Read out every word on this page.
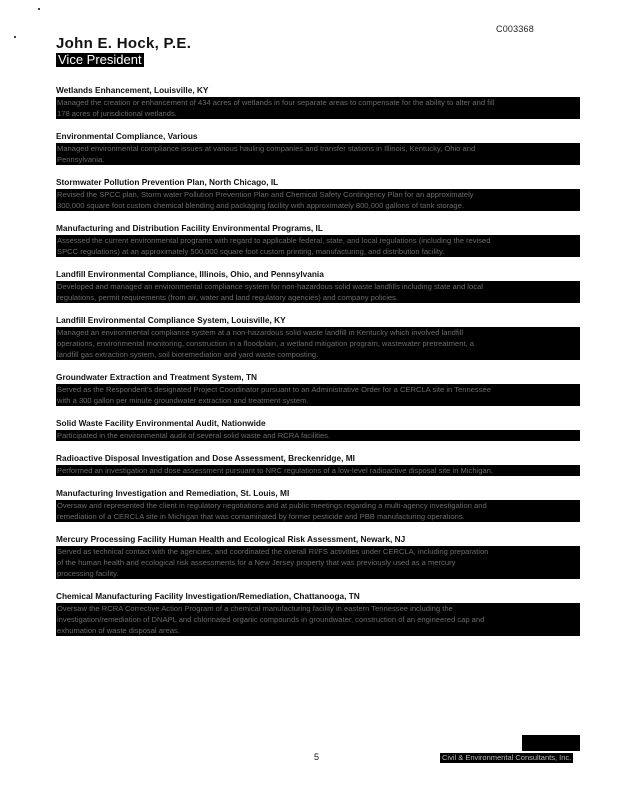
C003368
John E. Hock, P.E.
Vice President
Wetlands Enhancement, Louisville, KY
Managed the creation or enhancement of 434 acres of wetlands in four separate areas to compensate for the ability to alter and fill
178 acres of jurisdictional wetlands.
Environmental Compliance, Various
Managed environmental compliance issues at various hauling companies and transfer stations in Illinois, Kentucky, Ohio and
Pennsylvania.
Stormwater Pollution Prevention Plan, North Chicago, IL
Revised the SPCC plan, Storm water Pollution Prevention Plan and Chemical Safety Contingency Plan for an approximately
300,000 square foot custom chemical blending and packaging facility with approximately 800,000 gallons of tank storage.
Manufacturing and Distribution Facility Environmental Programs, IL
Assessed the current environmental programs with regard to applicable federal, state, and local regulations (including the revised
SPCC regulations) at an approximately 500,000 square foot custom printing, manufacturing, and distribution facility.
Landfill Environmental Compliance, Illinois, Ohio, and Pennsylvania
Developed and managed an environmental compliance system for non-hazardous solid waste landfills including state and local
regulations, permit requirements (from air, water and land regulatory agencies) and company policies.
Landfill Environmental Compliance System, Louisville, KY
Managed an environmental compliance system at a non-hazardous solid waste landfill in Kentucky which involved landfill
operations, environmental monitoring, construction in a floodplain, a wetland mitigation program, wastewater pretreatment, a
landfill gas extraction system, soil bioremediation and yard waste composting.
Groundwater Extraction and Treatment System, TN
Served as the Respondent's designated Project Coordinator pursuant to an Administrative Order for a CERCLA site in Tennessee
with a 300 gallon per minute groundwater extraction and treatment system.
Solid Waste Facility Environmental Audit, Nationwide
Participated in the environmental audit of several solid waste and RCRA facilities.
Radioactive Disposal Investigation and Dose Assessment, Breckenridge, MI
Performed an investigation and dose assessment pursuant to NRC regulations of a low-level radioactive disposal site in Michigan.
Manufacturing Investigation and Remediation, St. Louis, MI
Oversaw and represented the client in regulatory negotiations and at public meetings regarding a multi-agency investigation and
remediation of a CERCLA site in Michigan that was contaminated by former pesticide and PBB manufacturing operations.
Mercury Processing Facility Human Health and Ecological Risk Assessment, Newark, NJ
Served as technical contact with the agencies, and coordinated the overall RI/FS activities under CERCLA, including preparation
of the human health and ecological risk assessments for a New Jersey property that was previously used as a mercury
processing facility.
Chemical Manufacturing Facility Investigation/Remediation, Chattanooga, TN
Oversaw the RCRA Corrective Action Program of a chemical manufacturing facility in eastern Tennessee including the
investigation/remediation of DNAPL and chlorinated organic compounds in groundwater, construction of an engineered cap and
exhumation of waste disposal areas.
5	Civil & Environmental Consultants, Inc.
